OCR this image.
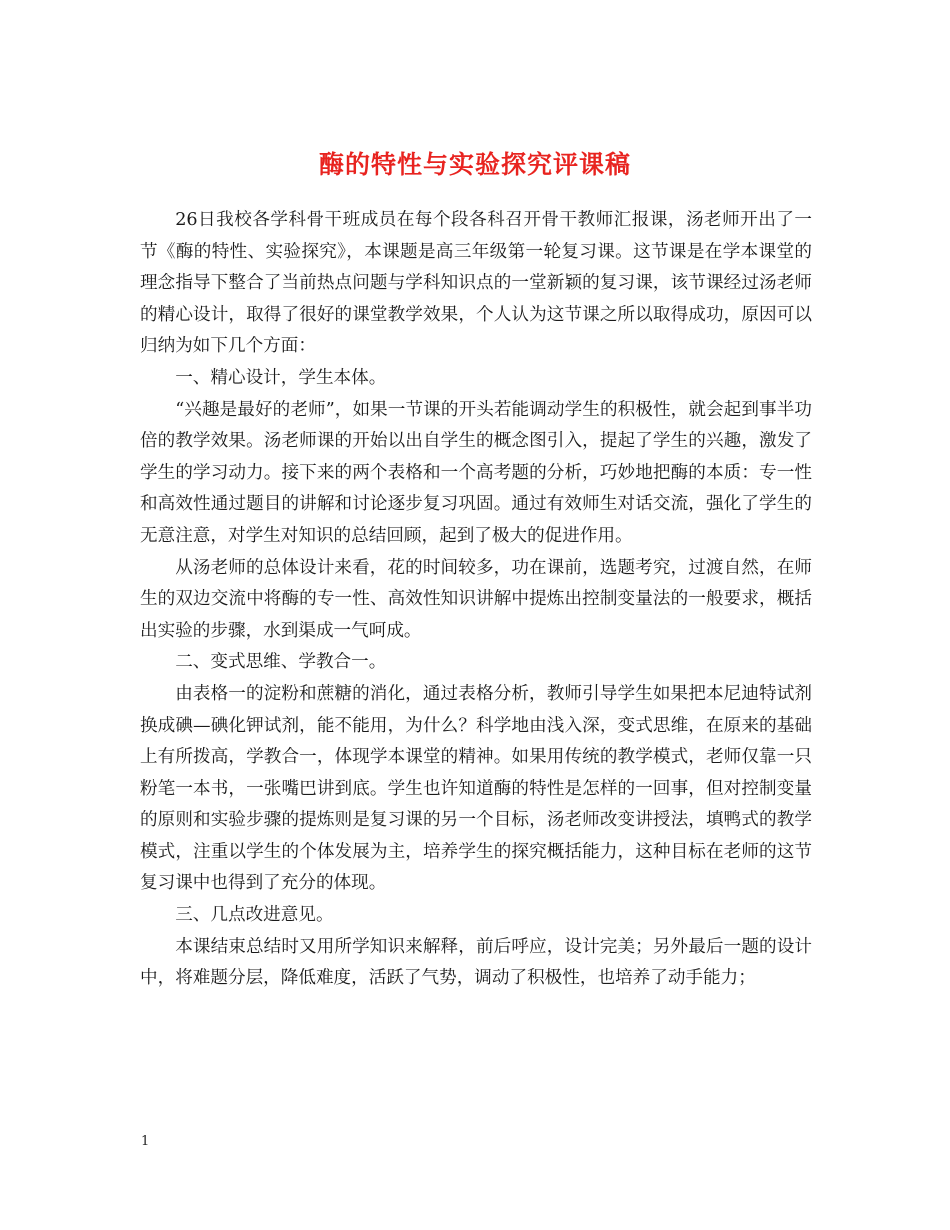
酶的特性与实验探究评课稿

26日我校各学科骨干班成员在每个段各科召开骨干教师汇报课，汤老师开出了一节《酶的特性、实验探究》，本课题是高三年级第一轮复习课。这节课是在学本课堂的理念指导下整合了当前热点问题与学科知识点的一堂新颖的复习课，该节课经过汤老师的精心设计，取得了很好的课堂教学效果，个人认为这节课之所以取得成功，原因可以归纳为如下几个方面：

一、精心设计，学生本体。

“兴趣是最好的老师”，如果一节课的开头若能调动学生的积极性，就会起到事半功倍的教学效果。汤老师课的开始以出自学生的概念图引入，提起了学生的兴趣，激发了学生的学习动力。接下来的两个表格和一个高考题的分析，巧妙地把酶的本质：专一性和高效性通过题目的讲解和讨论逐步复习巩固。通过有效师生对话交流，强化了学生的无意注意，对学生对知识的总结回顾，起到了极大的促进作用。

从汤老师的总体设计来看，花的时间较多，功在课前，选题考究，过渡自然，在师生的双边交流中将酶的专一性、高效性知识讲解中提炼出控制变量法的一般要求，概括出实验的步骤，水到渠成一气呵成。

二、变式思维、学教合一。

由表格一的淀粉和蔗糖的消化，通过表格分析，教师引导学生如果把本尼迪特试剂换成碘—碘化钾试剂，能不能用，为什么？科学地由浅入深，变式思维，在原来的基础上有所拨高，学教合一，体现学本课堂的精神。如果用传统的教学模式，老师仅靠一只粉笔一本书，一张嘴巴讲到底。学生也许知道酶的特性是怎样的一回事，但对控制变量的原则和实验步骤的提炼则是复习课的另一个目标，汤老师改变讲授法，填鸭式的教学模式，注重以学生的个体发展为主，培养学生的探究概括能力，这种目标在老师的这节复习课中也得到了充分的体现。

三、几点改进意见。

本课结束总结时又用所学知识来解释，前后呼应，设计完美；另外最后一题的设计中，将难题分层，降低难度，活跃了气势，调动了积极性，也培养了动手能力；

1
